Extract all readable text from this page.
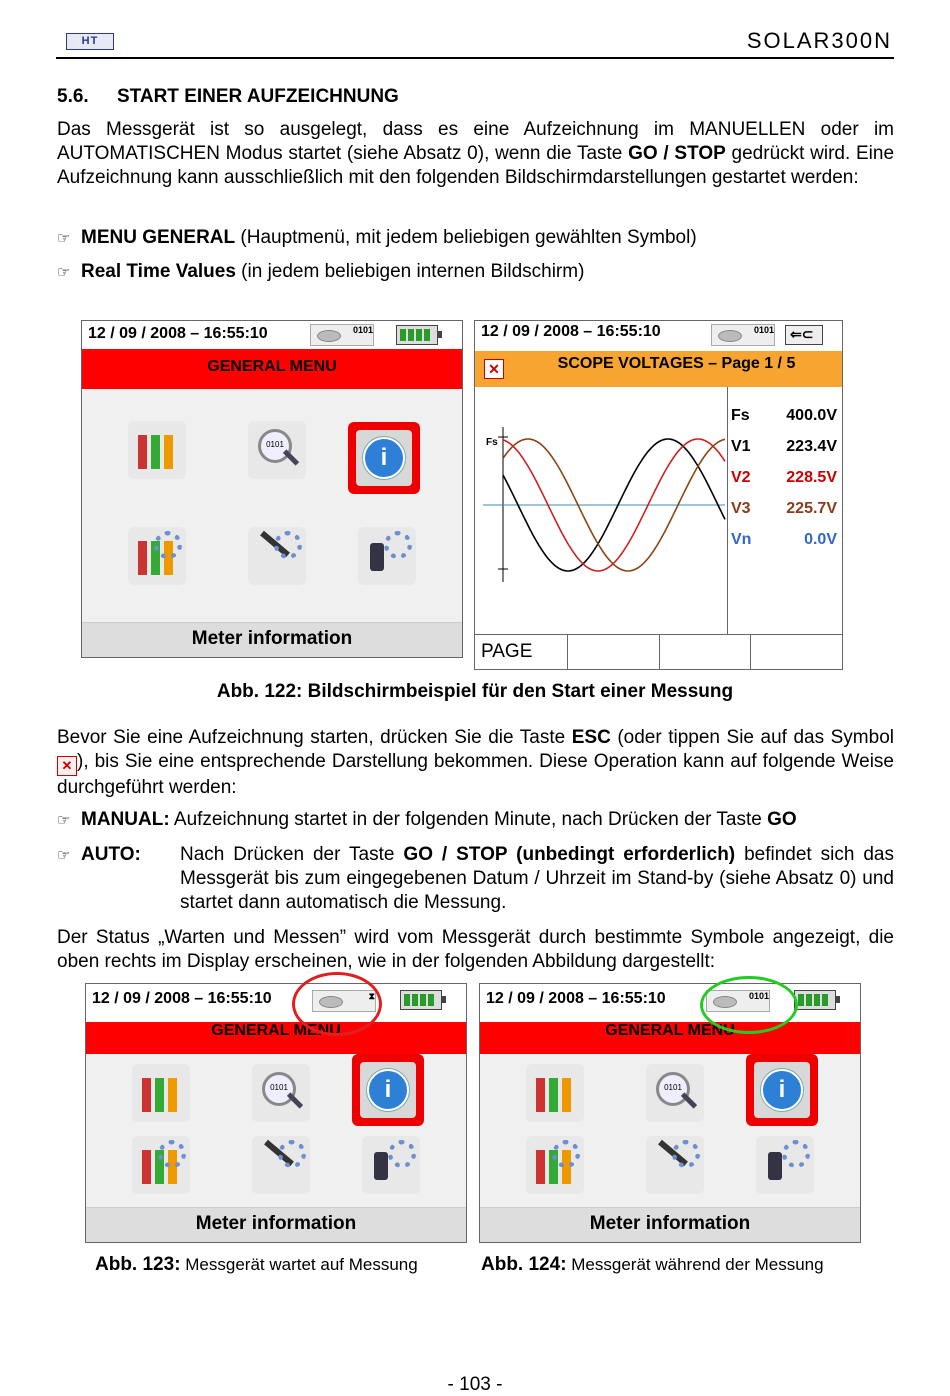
HT	SOLAR300N
5.6. START EINER AUFZEICHNUNG
Das Messgerät ist so ausgelegt, dass es eine Aufzeichnung im MANUELLEN oder im AUTOMATISCHEN Modus startet (siehe Absatz 0), wenn die Taste GO / STOP gedrückt wird. Eine Aufzeichnung kann ausschließlich mit den folgenden Bildschirmdarstellungen gestartet werden:
☞ MENU GENERAL (Hauptmenü, mit jedem beliebigen gewählten Symbol)
☞ Real Time Values (in jedem beliebigen internen Bildschirm)
12 / 09 / 2008 – 16:55:10	0101
GENERAL MENU
0101	i
Meter information
12 / 09 / 2008 – 16:55:10	0101	⇐⊂
✕	SCOPE VOLTAGES – Page 1 / 5
Fs
Fs 400.0V
V1 223.4V
V2 228.5V
V3 225.7V
Vn	0.0V
PAGE
Abb. 122: Bildschirmbeispiel für den Start einer Messung
Bevor Sie eine Aufzeichnung starten, drücken Sie die Taste ESC (oder tippen Sie auf das Symbol ✕ ), bis Sie eine entsprechende Darstellung bekommen. Diese Operation kann auf folgende Weise durchgeführt werden:
☞ MANUAL: Aufzeichnung startet in der folgenden Minute, nach Drücken der Taste GO
☞ AUTO:	Nach Drücken der Taste GO / STOP (unbedingt erforderlich) befindet sich das Messgerät bis zum eingegebenen Datum / Uhrzeit im Stand-by (siehe Absatz 0) und startet dann automatisch die Messung.
Der Status „Warten und Messen” wird vom Messgerät durch bestimmte Symbole angezeigt, die oben rechts im Display erscheinen, wie in der folgenden Abbildung dargestellt:
12 / 09 / 2008 – 16:55:10	⧗
GENERAL MENU
0101	i
Meter information
12 / 09 / 2008 – 16:55:10	0101
GENERAL MENU
0101	i
Meter information
Abb. 123: Messgerät wartet auf Messung	Abb. 124: Messgerät während der Messung
- 103 -
